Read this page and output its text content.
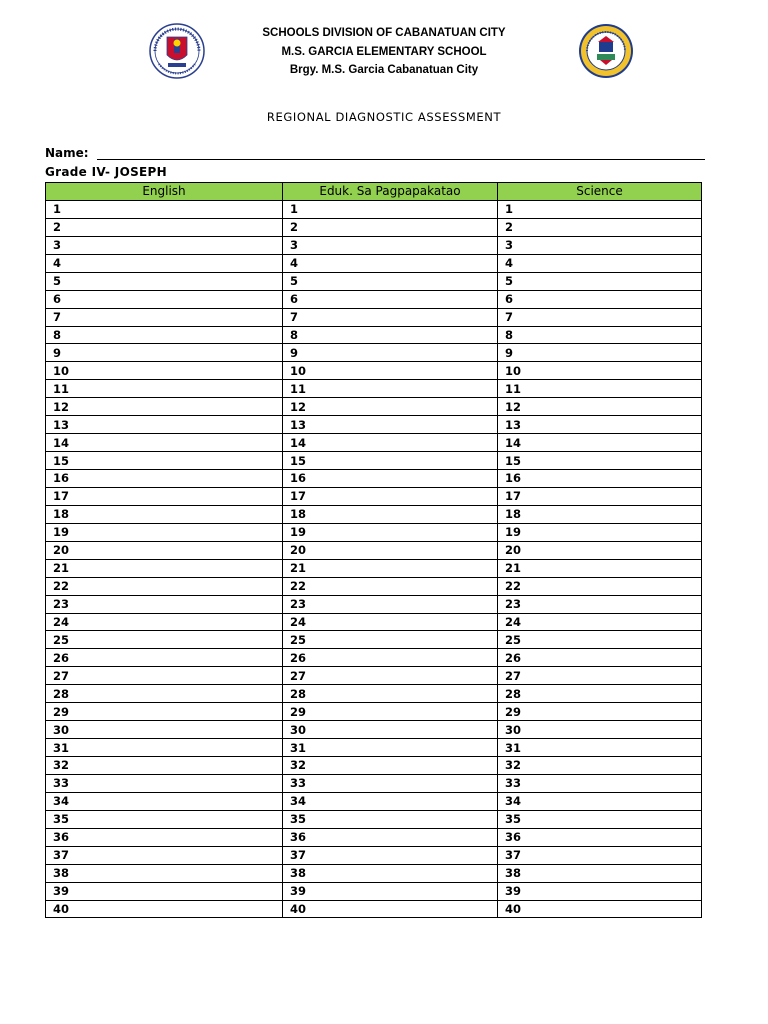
SCHOOLS DIVISION OF CABANATUAN CITY
M.S. GARCIA ELEMENTARY SCHOOL
Brgy. M.S. Garcia Cabanatuan City
REGIONAL DIAGNOSTIC ASSESSMENT
Name:
Grade IV- JOSEPH
English	Eduk. Sa Pagpapakatao	Science
1	1	1
2	2	2
3	3	3
4	4	4
5	5	5
6	6	6
7	7	7
8	8	8
9	9	9
10	10	10
11	11	11
12	12	12
13	13	13
14	14	14
15	15	15
16	16	16
17	17	17
18	18	18
19	19	19
20	20	20
21	21	21
22	22	22
23	23	23
24	24	24
25	25	25
26	26	26
27	27	27
28	28	28
29	29	29
30	30	30
31	31	31
32	32	32
33	33	33
34	34	34
35	35	35
36	36	36
37	37	37
38	38	38
39	39	39
40	40	40
